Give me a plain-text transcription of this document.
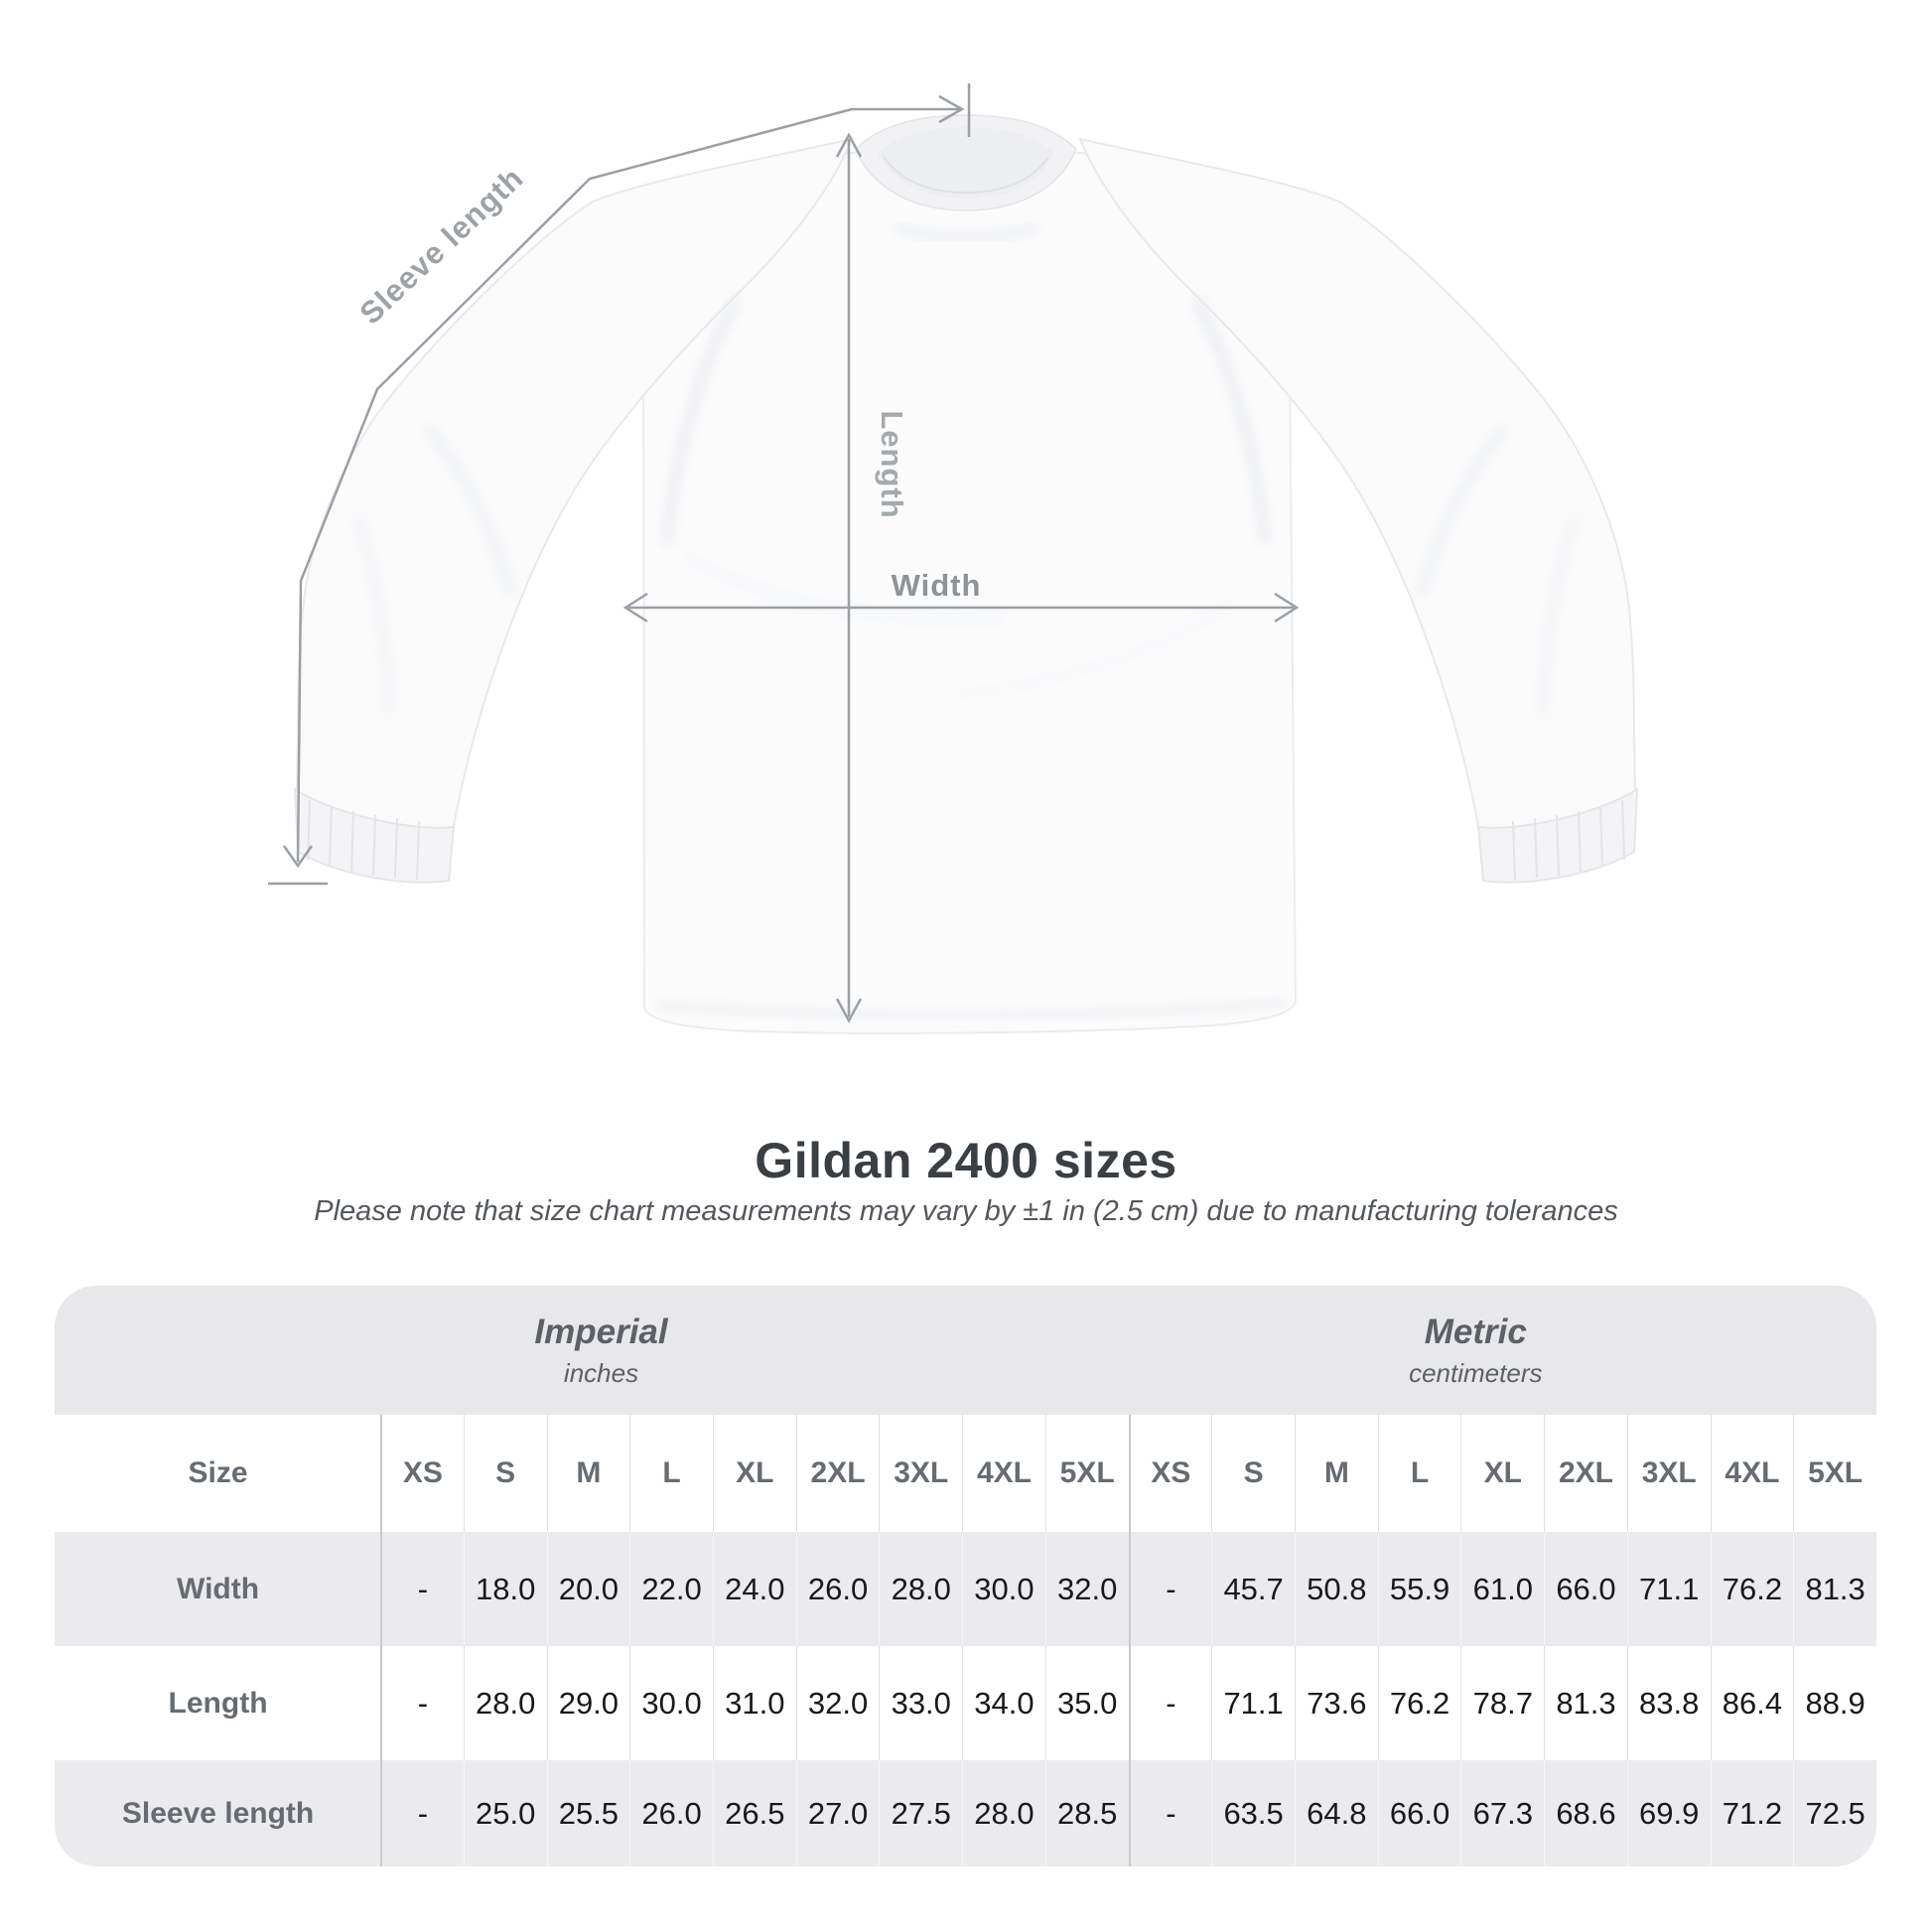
Sleeve length
Length
Width
Gildan 2400 sizes
Please note that size chart measurements may vary by ±1 in (2.5 cm) due to manufacturing tolerances
Imperial
inches
Metric
centimeters
Size	XS	S	M	L	XL	2XL 3XL 4XL 5XL	XS	S	M	L	XL	2XL 3XL 4XL 5XL
Width	-	18.0 20.0 22.0 24.0 26.0 28.0 30.0 32.0	-	45.7 50.8 55.9 61.0 66.0 71.1 76.2 81.3
Length	-	28.0 29.0 30.0 31.0 32.0 33.0 34.0 35.0	-	71.1 73.6 76.2 78.7 81.3 83.8 86.4 88.9
Sleeve length	-	25.0 25.5 26.0 26.5 27.0 27.5 28.0 28.5	-	63.5 64.8 66.0 67.3 68.6 69.9 71.2 72.5
